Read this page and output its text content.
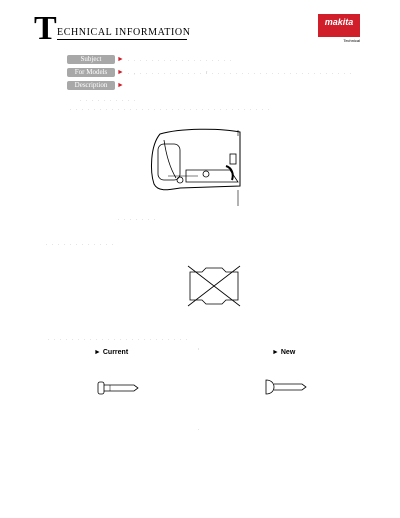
T ECHNICAL INFORMATION
makita
Technical
Subject	► . . . . . . . . . . . . . . . . . .
For Models	► . , . . . . . . . . . . . / . . . . . . . . . . . . . . . . . . . . . . . .
Description	►
. . . . . . . . . .
. . . . . . . . . . . . . . . . . . . . . . . . . . . . . . . . . .
. . . . . . .
. . . . . . . . . . . .
. . . . . . . . . . . . . . . . . . . . . . . .
► Current	► New
:
.
